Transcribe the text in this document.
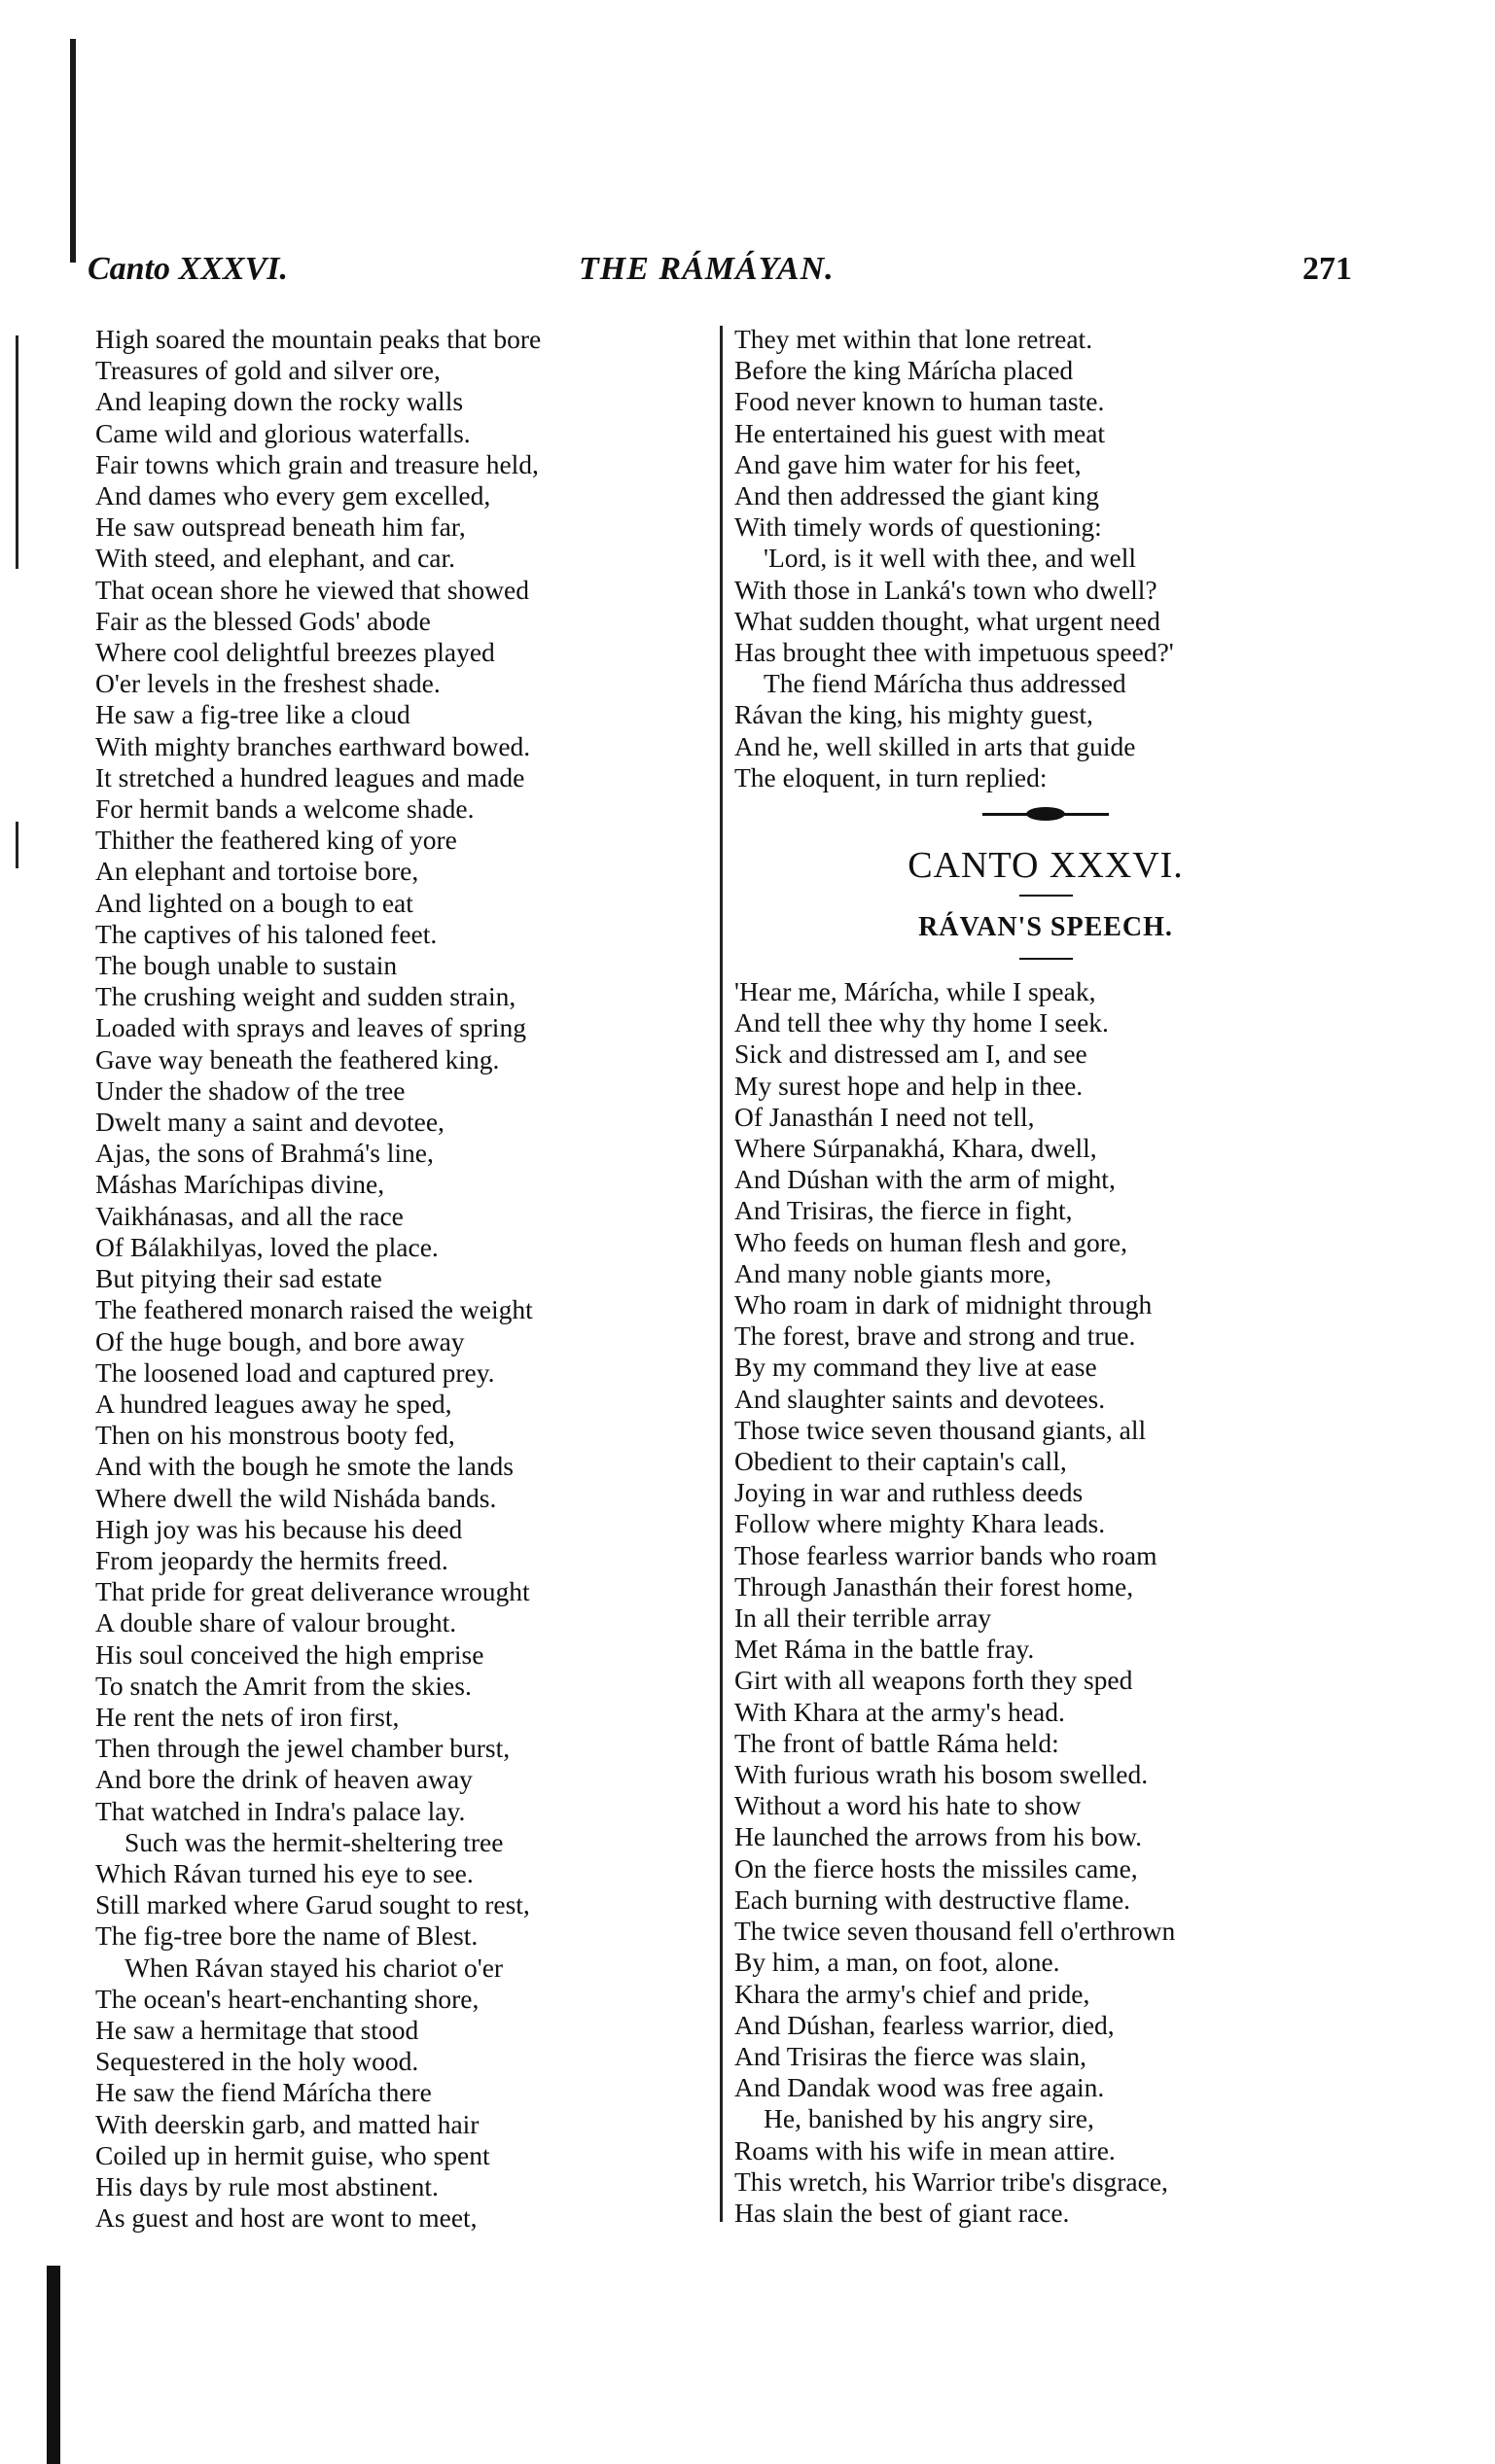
Canto XXXVI.	THE RÁMÁYAN.	271
High soared the mountain peaks that bore
Treasures of gold and silver ore,
And leaping down the rocky walls
Came wild and glorious waterfalls.
Fair towns which grain and treasure held,
And dames who every gem excelled,
He saw outspread beneath him far,
With steed, and elephant, and car.
That ocean shore he viewed that showed
Fair as the blessed Gods' abode
Where cool delightful breezes played
O'er levels in the freshest shade.
He saw a fig-tree like a cloud
With mighty branches earthward bowed.
It stretched a hundred leagues and made
For hermit bands a welcome shade.
Thither the feathered king of yore
An elephant and tortoise bore,
And lighted on a bough to eat
The captives of his taloned feet.
The bough unable to sustain
The crushing weight and sudden strain,
Loaded with sprays and leaves of spring
Gave way beneath the feathered king.
Under the shadow of the tree
Dwelt many a saint and devotee,
Ajas, the sons of Brahmá's line,
Máshas Maríchipas divine,
Vaikhánasas, and all the race
Of Bálakhilyas, loved the place.
But pitying their sad estate
The feathered monarch raised the weight
Of the huge bough, and bore away
The loosened load and captured prey.
A hundred leagues away he sped,
Then on his monstrous booty fed,
And with the bough he smote the lands
Where dwell the wild Nishádа bands.
High joy was his because his deed
From jeopardy the hermits freed.
That pride for great deliverance wrought
A double share of valour brought.
His soul conceived the high emprise
To snatch the Amrit from the skies.
He rent the nets of iron first,
Then through the jewel chamber burst,
And bore the drink of heaven away
That watched in Indra's palace lay.
Such was the hermit-sheltering tree
Which Rávan turned his eye to see.
Still marked where Garud sought to rest,
The fig-tree bore the name of Blest.
When Rávan stayed his chariot o'er
The ocean's heart-enchanting shore,
He saw a hermitage that stood
Sequestered in the holy wood.
He saw the fiend Márícha there
With deerskin garb, and matted hair
Coiled up in hermit guise, who spent
His days by rule most abstinent.
As guest and host are wont to meet,
They met within that lone retreat.
Before the king Márícha placed
Food never known to human taste.
He entertained his guest with meat
And gave him water for his feet,
And then addressed the giant king
With timely words of questioning:
'Lord, is it well with thee, and well
With those in Lanká's town who dwell?
What sudden thought, what urgent need
Has brought thee with impetuous speed?'
The fiend Márícha thus addressed
Rávan the king, his mighty guest,
And he, well skilled in arts that guide
The eloquent, in turn replied:
CANTO XXXVI.
RÁVAN'S SPEECH.
'Hear me, Márícha, while I speak,
And tell thee why thy home I seek.
Sick and distressed am I, and see
My surest hope and help in thee.
Of Janasthán I need not tell,
Where Súrpanakhá, Khara, dwell,
And Dúshan with the arm of might,
And Trisiras, the fierce in fight,
Who feeds on human flesh and gore,
And many noble giants more,
Who roam in dark of midnight through
The forest, brave and strong and true.
By my command they live at ease
And slaughter saints and devotees.
Those twice seven thousand giants, all
Obedient to their captain's call,
Joying in war and ruthless deeds
Follow where mighty Khara leads.
Those fearless warrior bands who roam
Through Janasthán their forest home,
In all their terrible array
Met Ráma in the battle fray.
Girt with all weapons forth they sped
With Khara at the army's head.
The front of battle Ráma held:
With furious wrath his bosom swelled.
Without a word his hate to show
He launched the arrows from his bow.
On the fierce hosts the missiles came,
Each burning with destructive flame.
The twice seven thousand fell o'erthrown
By him, a man, on foot, alone.
Khara the army's chief and pride,
And Dúshan, fearless warrior, died,
And Trisiras the fierce was slain,
And Dandak wood was free again.
He, banished by his angry sire,
Roams with his wife in mean attire.
This wretch, his Warrior tribe's disgrace,
Has slain the best of giant race.
